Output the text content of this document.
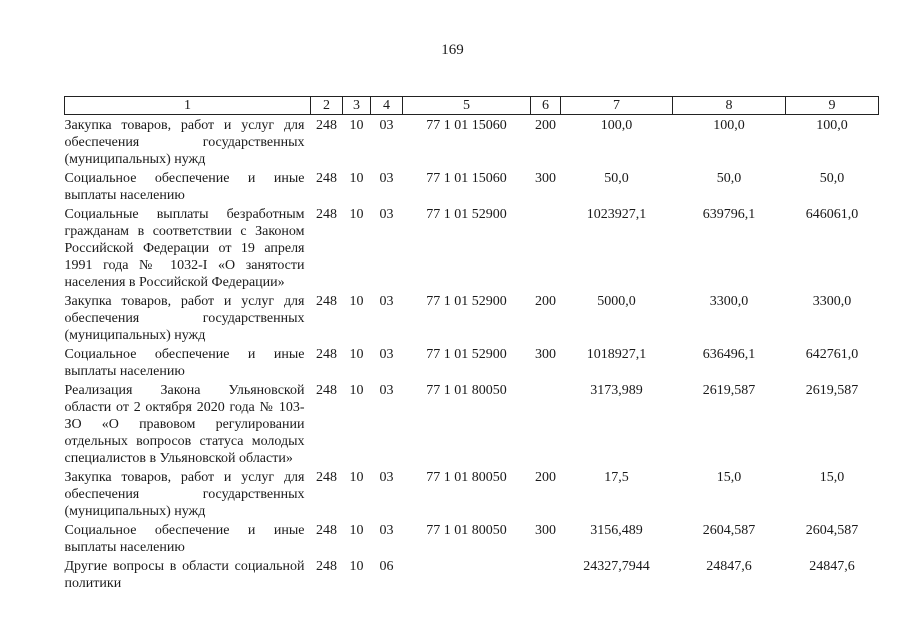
169
1	2	3	4	5	6	7	8	9
Закупка товаров, работ и услуг для обеспечения государственных (муниципальных) нужд	248	10	03	77 1 01 15060	200	100,0	100,0	100,0
Социальное обеспечение и иные выплаты населению	248	10	03	77 1 01 15060	300	50,0	50,0	50,0
Социальные выплаты безработным гражданам в соответствии с Законом Российской Федерации от 19 апреля 1991 года № 1032-I «О занятости населения в Российской Федерации»	248	10	03	77 1 01 52900		1023927,1	639796,1	646061,0
Закупка товаров, работ и услуг для обеспечения государственных (муниципальных) нужд	248	10	03	77 1 01 52900	200	5000,0	3300,0	3300,0
Социальное обеспечение и иные выплаты населению	248	10	03	77 1 01 52900	300	1018927,1	636496,1	642761,0
Реализация Закона Ульяновской области от 2 октября 2020 года № 103-ЗО «О правовом регулировании отдельных вопросов статуса молодых специалистов в Ульяновской области»	248	10	03	77 1 01 80050		3173,989	2619,587	2619,587
Закупка товаров, работ и услуг для обеспечения государственных (муниципальных) нужд	248	10	03	77 1 01 80050	200	17,5	15,0	15,0
Социальное обеспечение и иные выплаты населению	248	10	03	77 1 01 80050	300	3156,489	2604,587	2604,587
Другие вопросы в области социальной политики	248	10	06			24327,7944	24847,6	24847,6
